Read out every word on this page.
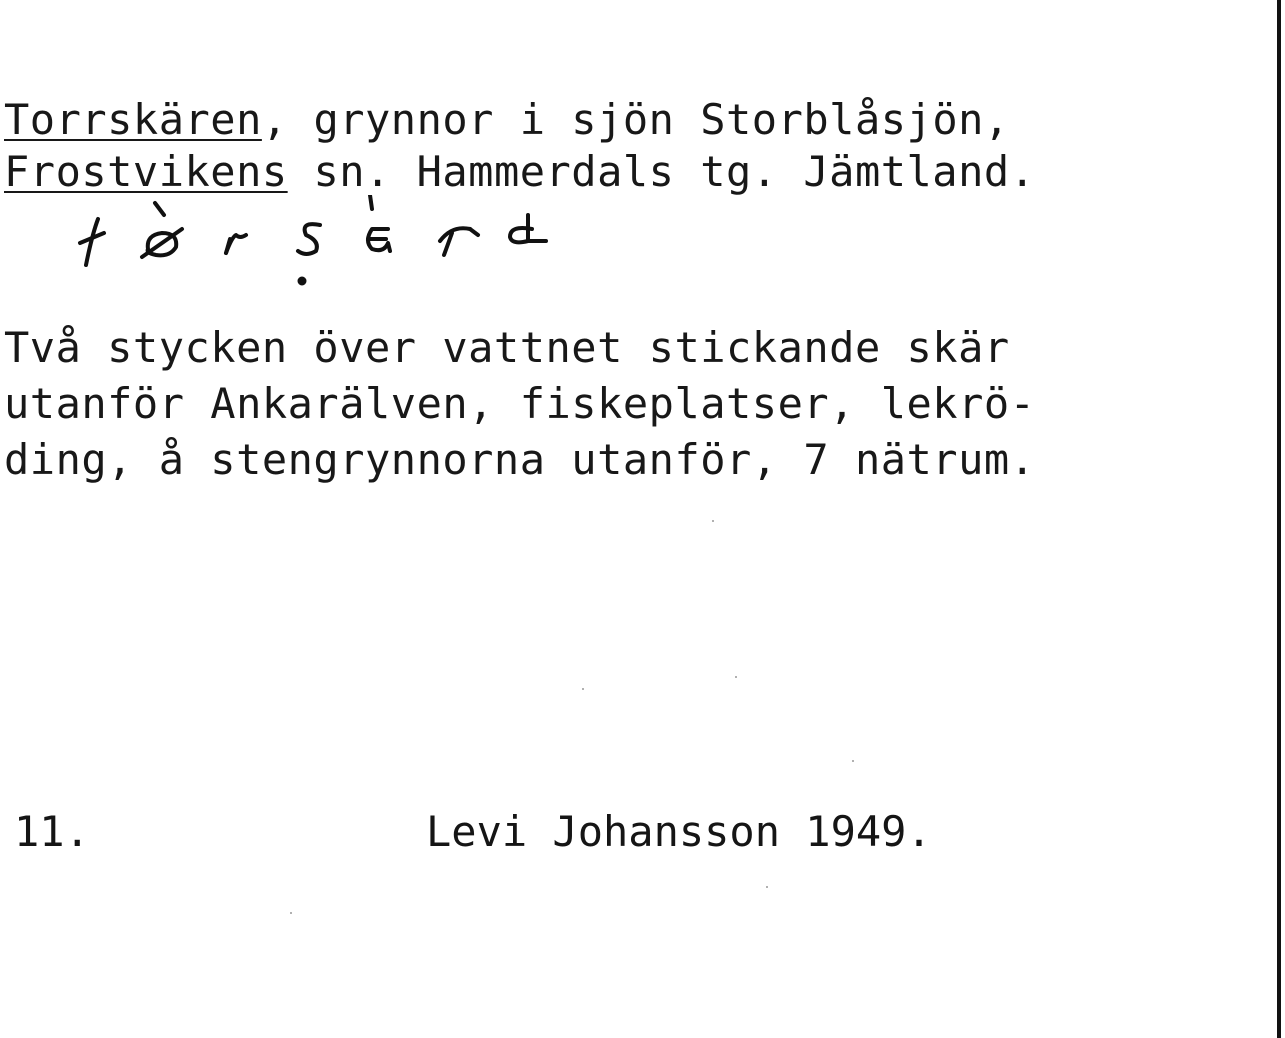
Torrskären, grynnor i sjön Storblåsjön,
Frostvikens sn. Hammerdals tg. Jämtland.
Två stycken över vattnet stickande skär
utanför Ankarälven, fiskeplatser, lekrö-
ding, å stengrynnorna utanför, 7 nätrum.
11.	Levi Johansson 1949.
